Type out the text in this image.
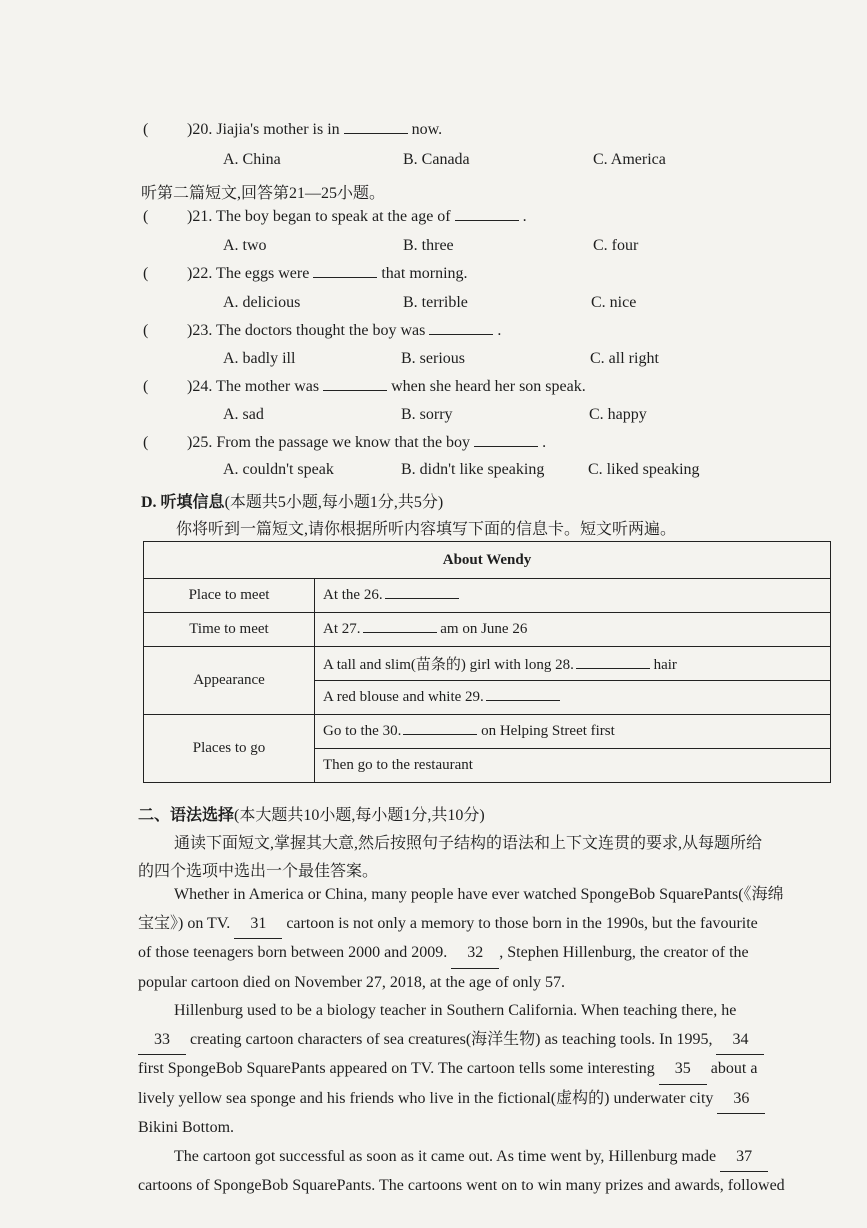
( )20. Jiajia's mother is in	now.
A. China	B. Canada	C. America
听第二篇短文,回答第21—25小题。
( )21. The boy began to speak at the age of	.
A. two	B. three	C. four
( )22. The eggs were	that morning.
A. delicious	B. terrible	C. nice
( )23. The doctors thought the boy was	.
A. badly ill	B. serious	C. all right
( )24. The mother was	when she heard her son speak.
A. sad	B. sorry	C. happy
( )25. From the passage we know that the boy	.
A. couldn't speak	B. didn't like speaking	C. liked speaking
D. 听填信息(本题共5小题,每小题1分,共5分)
你将听到一篇短文,请你根据所听内容填写下面的信息卡。短文听两遍。
About Wendy	
Place to meet	At the 26.
Time to meet	At 27. am on June 26
Appearance	A tall and slim(苗条的) girl with long 28. hair
	A red blouse and white 29.
Places to go	Go to the 30. on Helping Street first
	Then go to the restaurant
二、语法选择(本大题共10小题,每小题1分,共10分)
通读下面短文,掌握其大意,然后按照句子结构的语法和上下文连贯的要求,从每题所给
的四个选项中选出一个最佳答案。
Whether in America or China, many people have ever watched SpongeBob SquarePants(《海绵
宝宝》) on TV. 31 cartoon is not only a memory to those born in the 1990s, but the favourite
of those teenagers born between 2000 and 2009. 32 , Stephen Hillenburg, the creator of the
popular cartoon died on November 27, 2018, at the age of only 57.
Hillenburg used to be a biology teacher in Southern California. When teaching there, he
33 creating cartoon characters of sea creatures(海洋生物) as teaching tools. In 1995, 34
first SpongeBob SquarePants appeared on TV. The cartoon tells some interesting 35 about a
lively yellow sea sponge and his friends who live in the fictional(虚构的) underwater city 36
Bikini Bottom.
The cartoon got successful as soon as it came out. As time went by, Hillenburg made 37
cartoons of SpongeBob SquarePants. The cartoons went on to win many prizes and awards, followed
